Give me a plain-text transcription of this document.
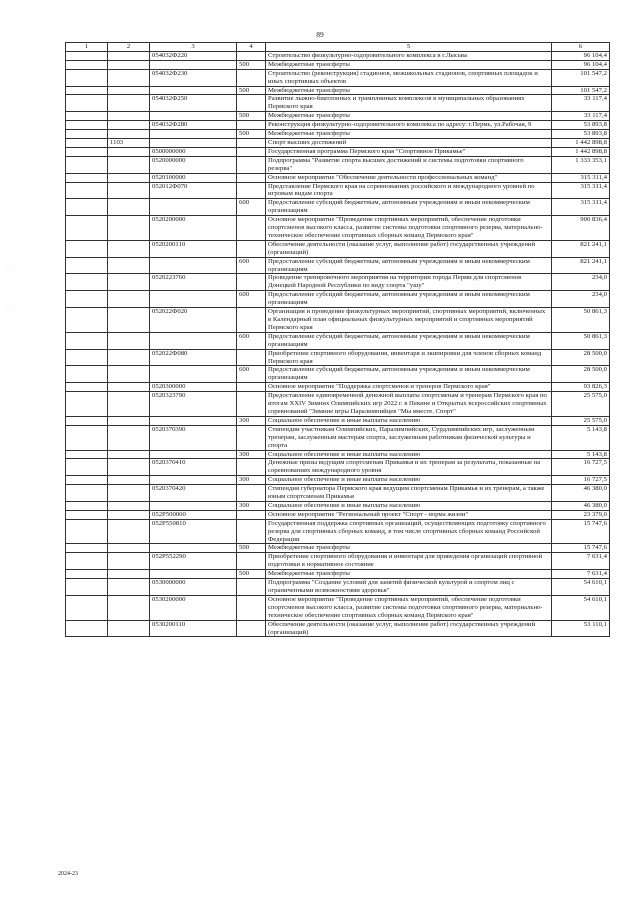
89
· · ·
· · ·
· · ·
· · ·
1	2	3	4	5	6
		054032Ф220		Строительство физкультурно-оздоровительного комплекса в г.Лысьва	96 104,4
			500	Межбюджетные трансферты	96 104,4
		054032Ф230		Строительство (реконструкция) стадионов, межшкольных стадионов, спортивных площадок и иных спортивных объектов	101 547,2
			500	Межбюджетные трансферты	101 547,2
		054032Ф250		Развитие лыжно-биатлонных и трамплинных комплексов в муниципальных образованиях Пермского края	33 117,4
			500	Межбюджетные трансферты	33 117,4
		054032Ф280		Реконструкция физкультурно-оздоровительного комплекса по адресу: г.Пермь, ул.Рабочая, 9	53 893,8
			500	Межбюджетные трансферты	53 893,8
	1103			Спорт высших достижений	1 442 898,8
		0500000000		Государственная программа Пермского края "Спортивное Прикамье"	1 442 898,8
		0520000000		Подпрограмма "Развитие спорта высших достижений и системы подготовки спортивного резерва"	1 333 353,1
		0520100000		Основное мероприятие "Обеспечение деятельности профессиональных команд"	315 311,4
		052012Ф070		Представление Пермского края на соревнованиях российского и международного уровней по игровым видам спорта	315 311,4
			600	Предоставление субсидий бюджетным, автономным учреждениям и иным некоммерческим организациям	315 311,4
		0520200000		Основное мероприятие "Проведение спортивных мероприятий, обеспечение подготовки спортсменов высокого класса, развитие системы подготовки спортивного резерва, материально-техническое обеспечение спортивных сборных команд Пермского края"	900 836,4
		0520200110		Обеспечение деятельности (оказание услуг, выполнение работ) государственных учреждений (организаций)	821 241,1
			600	Предоставление субсидий бюджетным, автономным учреждениям и иным некоммерческим организациям	821 241,1
		0520223760		Проведение тренировочного мероприятия на территории города Перми для спортсменов Донецкой Народной Республики по виду спорта "ушу"	234,0
			600	Предоставление субсидий бюджетным, автономным учреждениям и иным некоммерческим организациям	234,0
		052022Ф020		Организация и проведение физкультурных мероприятий, спортивных мероприятий, включенных в Календарный план официальных физкультурных мероприятий и спортивных мероприятий Пермского края	50 861,3
			600	Предоставление субсидий бюджетным, автономным учреждениям и иным некоммерческим организациям	50 861,3
		052022Ф080		Приобретение спортивного оборудования, инвентаря и экипировки для членов сборных команд Пермского края	28 500,0
			600	Предоставление субсидий бюджетным, автономным учреждениям и иным некоммерческим организациям	28 500,0
		0520300000		Основное мероприятие "Поддержка спортсменов и тренеров Пермского края"	93 826,3
		0520323790		Предоставление единовременной денежной выплаты спортсменам и тренерам Пермского края по итогам XXIV Зимних Олимпийских игр 2022 г. в Пекине и Открытых всероссийских спортивных соревнований "Зимние игры Паралимпийцев "Мы вместе. Спорт"	25 575,0
			300	Социальное обеспечение и иные выплаты населению	25 575,0
		0520370390		Стипендии участникам Олимпийских, Паралимпийских, Сурдлимпийских игр, заслуженным тренерам, заслуженным мастерам спорта, заслуженным работникам физической культуры и спорта	5 143,8
			300	Социальное обеспечение и иные выплаты населению	5 143,8
		0520370410		Денежные призы ведущим спортсменам Прикамья и их тренерам за результаты, показанные на соревнованиях международного уровня	16 727,5
			300	Социальное обеспечение и иные выплаты населению	16 727,5
		0520370420		Стипендия губернатора Пермского края ведущим спортсменам Прикамья и их тренерам, а также юным спортсменам Прикамья	46 380,0
			300	Социальное обеспечение и иные выплаты населению	46 380,0
		052P500000		Основное мероприятие "Региональный проект "Спорт - норма жизни"	23 379,0
		052P550810		Государственная поддержка спортивных организаций, осуществляющих подготовку спортивного резерва для спортивных сборных команд, в том числе спортивных сборных команд Российской Федерации	15 747,6
			500	Межбюджетные трансферты	15 747,6
		052P552290		Приобретение спортивного оборудования и инвентаря для приведения организаций спортивной подготовки в нормативное состояние	7 631,4
			500	Межбюджетные трансферты	7 631,4
		0530000000		Подпрограмма "Создание условий для занятий физической культурой и спортом лиц с ограниченными возможностями здоровья"	54 610,1
		0530200000		Основное мероприятие "Проведение спортивных мероприятий, обеспечение подготовки спортсменов высокого класса, развитие системы подготовки спортивного резерва, материально-техническое обеспечение спортивных сборных команд Пермского края"	54 610,1
		0530200110		Обеспечение деятельности (оказание услуг, выполнение работ) государственных учреждений (организаций)	53 110,1
2024-23
